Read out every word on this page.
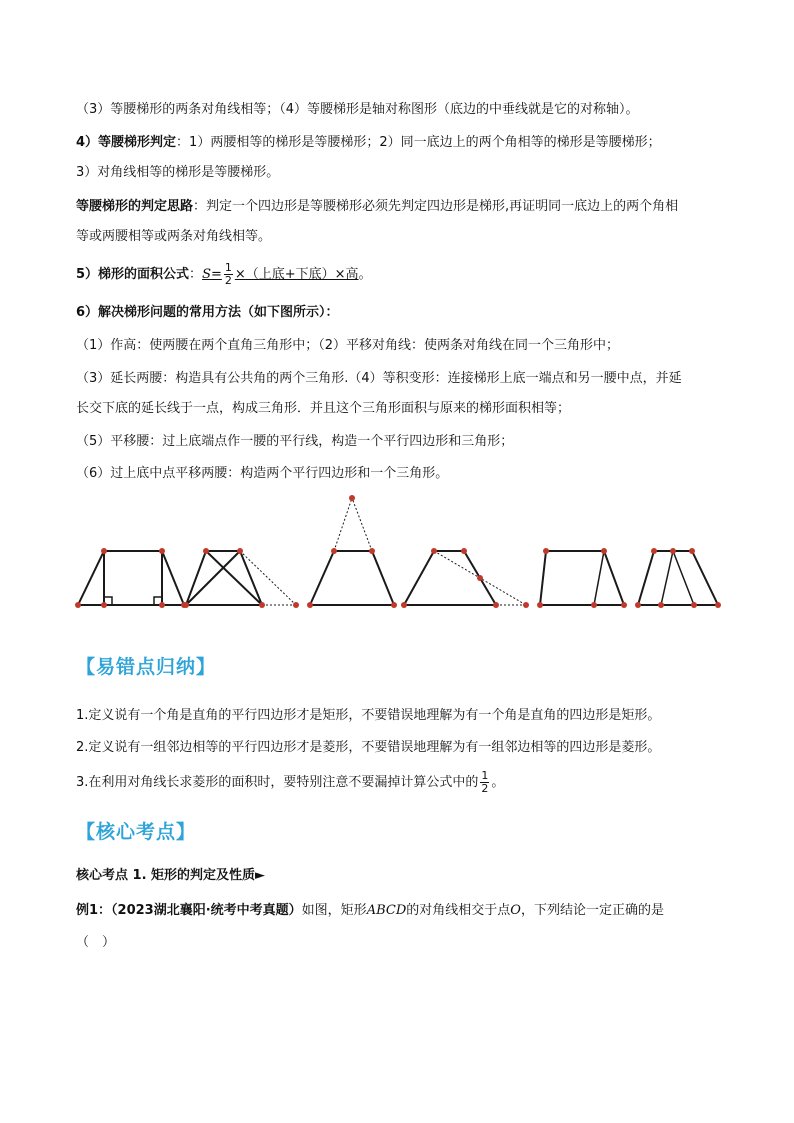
（3）等腰梯形的两条对角线相等；（4）等腰梯形是轴对称图形（底边的中垂线就是它的对称轴）。
4）等腰梯形判定：1）两腰相等的梯形是等腰梯形；2）同一底边上的两个角相等的梯形是等腰梯形；
3）对角线相等的梯形是等腰梯形。
等腰梯形的判定思路：判定一个四边形是等腰梯形必须先判定四边形是梯形,再证明同一底边上的两个角相
等或两腰相等或两条对角线相等。
5）梯形的面积公式：$S= \frac{1}{2}$ ×（上底+下底）×高。
6）解决梯形问题的常用方法（如下图所示）：
（1）作高：使两腰在两个直角三角形中；（2）平移对角线：使两条对角线在同一个三角形中；
（3）延长两腰：构造具有公共角的两个三角形.（4）等积变形：连接梯形上底一端点和另一腰中点，并延
长交下底的延长线于一点，构成三角形．并且这个三角形面积与原来的梯形面积相等；
（5）平移腰：过上底端点作一腰的平行线，构造一个平行四边形和三角形；
（6）过上底中点平移两腰：构造两个平行四边形和一个三角形。
【易错点归纳】
1.定义说有一个角是直角的平行四边形才是矩形，不要错误地理解为有一个角是直角的四边形是矩形。
2.定义说有一组邻边相等的平行四边形才是菱形，不要错误地理解为有一组邻边相等的四边形是菱形。
3.在利用对角线长求菱形的面积时，要特别注意不要漏掉计算公式中的 $\frac{1}{2}$ 。
【核心考点】
核心考点 1. 矩形的判定及性质►
例1：（2023湖北襄阳·统考中考真题）如图，矩形ABCD的对角线相交于点O，下列结论一定正确的是
（　）
